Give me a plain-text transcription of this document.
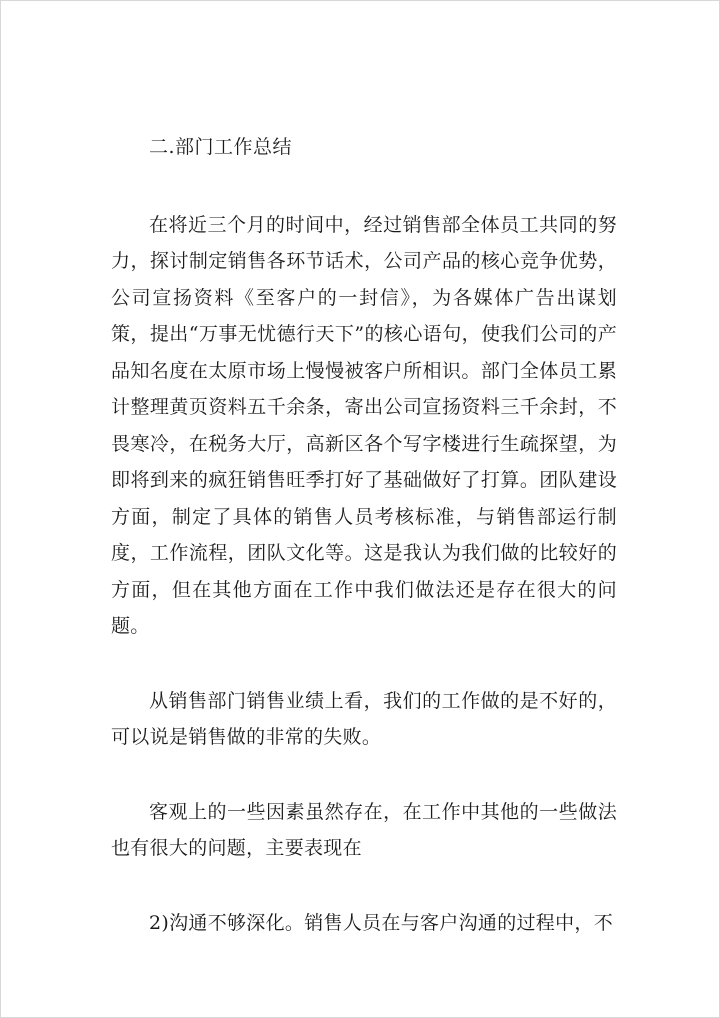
二.部门工作总结

在将近三个月的时间中，经过销售部全体员工共同的努力，探讨制定销售各环节话术，公司产品的核心竞争优势，公司宣扬资料《至客户的一封信》，为各媒体广告出谋划策，提出“万事无忧德行天下”的核心语句，使我们公司的产品知名度在太原市场上慢慢被客户所相识。部门全体员工累计整理黄页资料五千余条，寄出公司宣扬资料三千余封，不畏寒冷，在税务大厅，高新区各个写字楼进行生疏探望，为即将到来的疯狂销售旺季打好了基础做好了打算。团队建设方面，制定了具体的销售人员考核标准，与销售部运行制度，工作流程，团队文化等。这是我认为我们做的比较好的方面，但在其他方面在工作中我们做法还是存在很大的问题。

从销售部门销售业绩上看，我们的工作做的是不好的，可以说是销售做的非常的失败。

客观上的一些因素虽然存在，在工作中其他的一些做法也有很大的问题，主要表现在

2)沟通不够深化。销售人员在与客户沟通的过程中，不
